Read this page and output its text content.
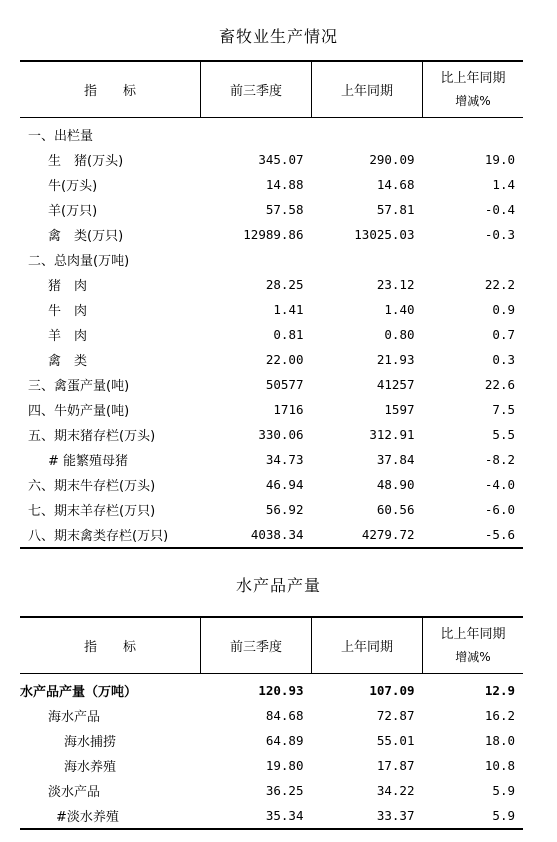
畜牧业生产情况
指　　标	前三季度	上年同期	比上年同期
增减%

一、出栏量			
生　猪(万头)	345.07	290.09	19.0
牛(万头)	14.88	14.68	1.4
羊(万只)	57.58	57.81	-0.4
禽　类(万只)	12989.86	13025.03	-0.3
二、总肉量(万吨)			
猪　肉	28.25	23.12	22.2
牛　肉	1.41	1.40	0.9
羊　肉	0.81	0.80	0.7
禽　类	22.00	21.93	0.3
三、禽蛋产量(吨)	50577	41257	22.6
四、牛奶产量(吨)	1716	1597	7.5
五、期末猪存栏(万头)	330.06	312.91	5.5
# 能繁殖母猪	34.73	37.84	-8.2
六、期末牛存栏(万头)	46.94	48.90	-4.0
七、期末羊存栏(万只)	56.92	60.56	-6.0
八、期末禽类存栏(万只)	4038.34	4279.72	-5.6
水产品产量
指　　标	前三季度	上年同期	比上年同期
增减%

水产品产量（万吨）	120.93	107.09	12.9
海水产品	84.68	72.87	16.2
海水捕捞	64.89	55.01	18.0
海水养殖	19.80	17.87	10.8
淡水产品	36.25	34.22	5.9
#淡水养殖	35.34	33.37	5.9
